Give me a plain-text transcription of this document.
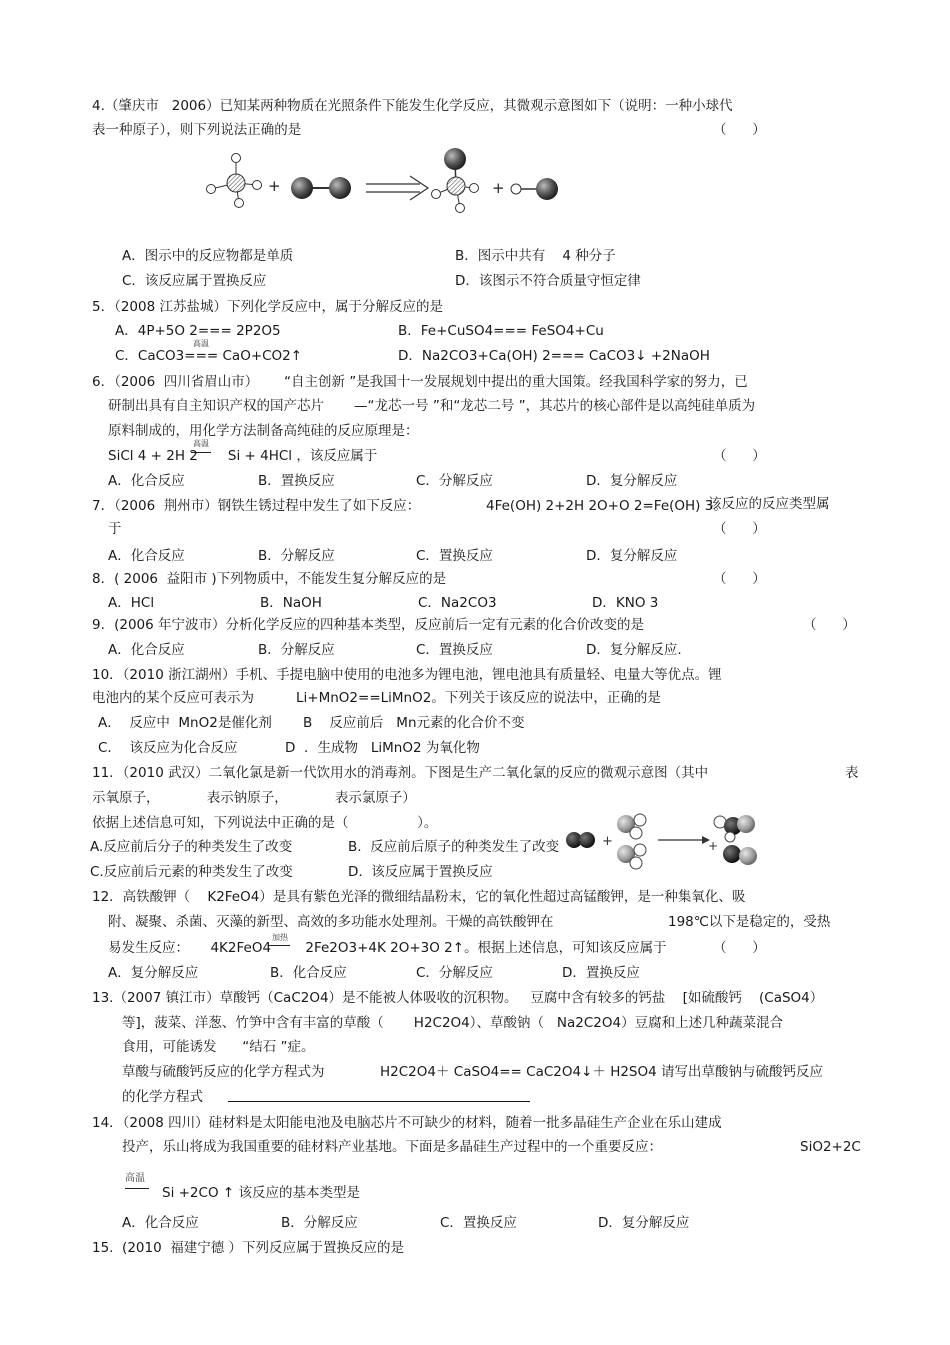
4.（肇庆市   2006）已知某两种物质在光照条件下能发生化学反应，其微观示意图如下（说明：一种小球代
表一种原子），则下列说法正确的是	（      ）
+	+
A．图示中的反应物都是单质	B．图示中共有    4 种分子
C．该反应属于置换反应	D．该图示不符合质量守恒定律
5．（2008 江苏盐城）下列化学反应中，属于分解反应的是
A．4P+5O 2=== 2P2O5	B．Fe+CuSO4=== FeSO4+Cu
高温
C．CaCO3=== CaO+CO2↑	D．Na2CO3+Ca(OH) 2=== CaCO3↓ +2NaOH
6．（2006  四川省眉山市）      “自主创新 ”是我国十一发展规划中提出的重大国策。经我国科学家的努力，已
研制出具有自主知识产权的国产芯片       —“龙芯一号 ”和“龙芯二号 ”，其芯片的核心部件是以高纯硅单质为
原料制成的，用化学方法制备高纯硅的反应原理是：
高温
SiCl 4 + 2H 2       Si + 4HCl ，该反应属于	（      ）
A．化合反应	B．置换反应	C．分解反应	D．复分解反应
7．（2006  荆州市）钢铁生锈过程中发生了如下反应：	4Fe(OH) 2+2H 2O+O 2=Fe(OH) 3。
该反应的反应类型属
于	（      ）
A．化合反应	B．分解反应	C．置换反应	D．复分解反应
8．( 2006  益阳市 )下列物质中，不能发生复分解反应的是	（      ）
A．HCl	B．NaOH	C．Na2CO3	D．KNO 3
9．(2006 年宁波市）分析化学反应的四种基本类型，反应前后一定有元素的化合价改变的是	（      ）
A．化合反应	B．分解反应	C．置换反应	D．复分解反应.
10．（2010 浙江湖州）手机、手提电脑中使用的电池多为锂电池，锂电池具有质量轻、电量大等优点。锂
电池内的某个反应可表示为	Li+MnO2==LiMnO2。下列关于该反应的说法中，正确的是
A．  反应中  MnO2是催化剂 B    反应前后   Mn元素的化合价不变
C．  该反应为化合反应	D  ．生成物   LiMnO2 为氧化物
11．（2010 武汉）二氧化氯是新一代饮用水的消毒剂。下图是生产二氧化氯的反应的微观示意图（其中	表
示氧原子，           表示钠原子，           表示氯原子）
依据上述信息可知，下列说法中正确的是（                ）。
+	+
A.反应前后分子的种类发生了改变	B.  反应前后原子的种类发生了改变
C.反应前后元素的种类发生了改变	D.  该反应属于置换反应
12．高铁酸钾（    K2FeO4）是具有紫色光泽的微细结晶粉末，它的氧化性超过高锰酸钾，是一种集氧化、吸
附、凝聚、杀菌、灭藻的新型、高效的多功能水处理剂。干燥的高铁酸钾在	198℃以下是稳定的，受热
加热
易发生反应：     4K2FeO4        2Fe2O3+4K 2O+3O 2↑。根据上述信息，可知该反应属于	（      ）
A．复分解反应	B．化合反应	C．分解反应	D．置换反应
13.（2007 镇江市）草酸钙（CaC2O4）是不能被人体吸收的沉积物。   豆腐中含有较多的钙盐    [如硫酸钙    (CaSO4）
等]，菠菜、洋葱、竹笋中含有丰富的草酸（       H2C2O4）、草酸钠（   Na2C2O4）豆腐和上述几种蔬菜混合
食用，可能诱发      “结石 ”症。
草酸与硫酸钙反应的化学方程式为	H2C2O4＋ CaSO4== CaC2O4↓＋ H2SO4 请写出草酸钠与硫酸钙反应
的化学方程式
14．（2008 四川）硅材料是太阳能电池及电脑芯片不可缺少的材料，随着一批多晶硅生产企业在乐山建成
投产，乐山将成为我国重要的硅材料产业基地。下面是多晶硅生产过程中的一个重要反应：	SiO2+2C
高温
Si +2CO ↑ 该反应的基本类型是
A．化合反应	B．分解反应	C．置换反应	D．复分解反应
15.  (2010  福建宁德 ）下列反应属于置换反应的是
